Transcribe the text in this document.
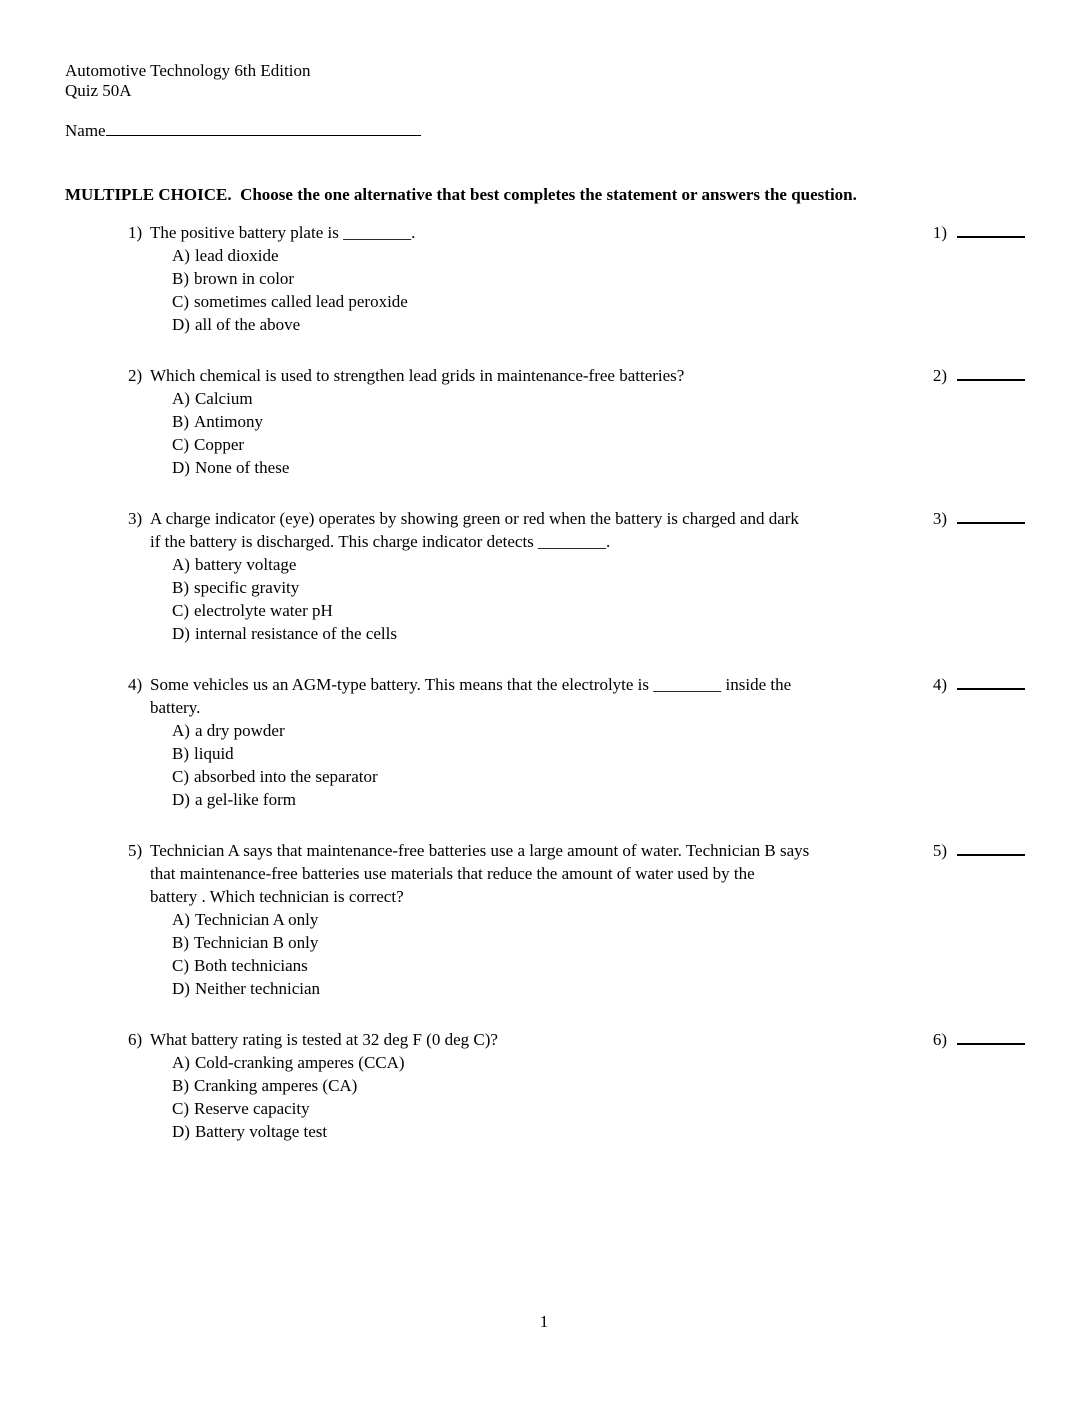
Automotive Technology 6th Edition
Quiz 50A
Name
MULTIPLE CHOICE.  Choose the one alternative that best completes the statement or answers the question.
1) The positive battery plate is ________.
A) lead dioxide
B) brown in color
C) sometimes called lead peroxide
D) all of the above
1)
2) Which chemical is used to strengthen lead grids in maintenance-free batteries?
A) Calcium
B) Antimony
C) Copper
D) None of these
2)
3) A charge indicator (eye) operates by showing green or red when the battery is charged and dark
if the battery is discharged. This charge indicator detects ________.
A) battery voltage
B) specific gravity
C) electrolyte water pH
D) internal resistance of the cells
3)
4) Some vehicles us an AGM-type battery. This means that the electrolyte is ________ inside the
battery.
A) a dry powder
B) liquid
C) absorbed into the separator
D) a gel-like form
4)
5) Technician A says that maintenance-free batteries use a large amount of water. Technician B says
that maintenance-free batteries use materials that reduce the amount of water used by the
battery . Which technician is correct?
A) Technician A only
B) Technician B only
C) Both technicians
D) Neither technician
5)
6) What battery rating is tested at 32 deg F (0 deg C)?
A) Cold-cranking amperes (CCA)
B) Cranking amperes (CA)
C) Reserve capacity
D) Battery voltage test
6)
1
